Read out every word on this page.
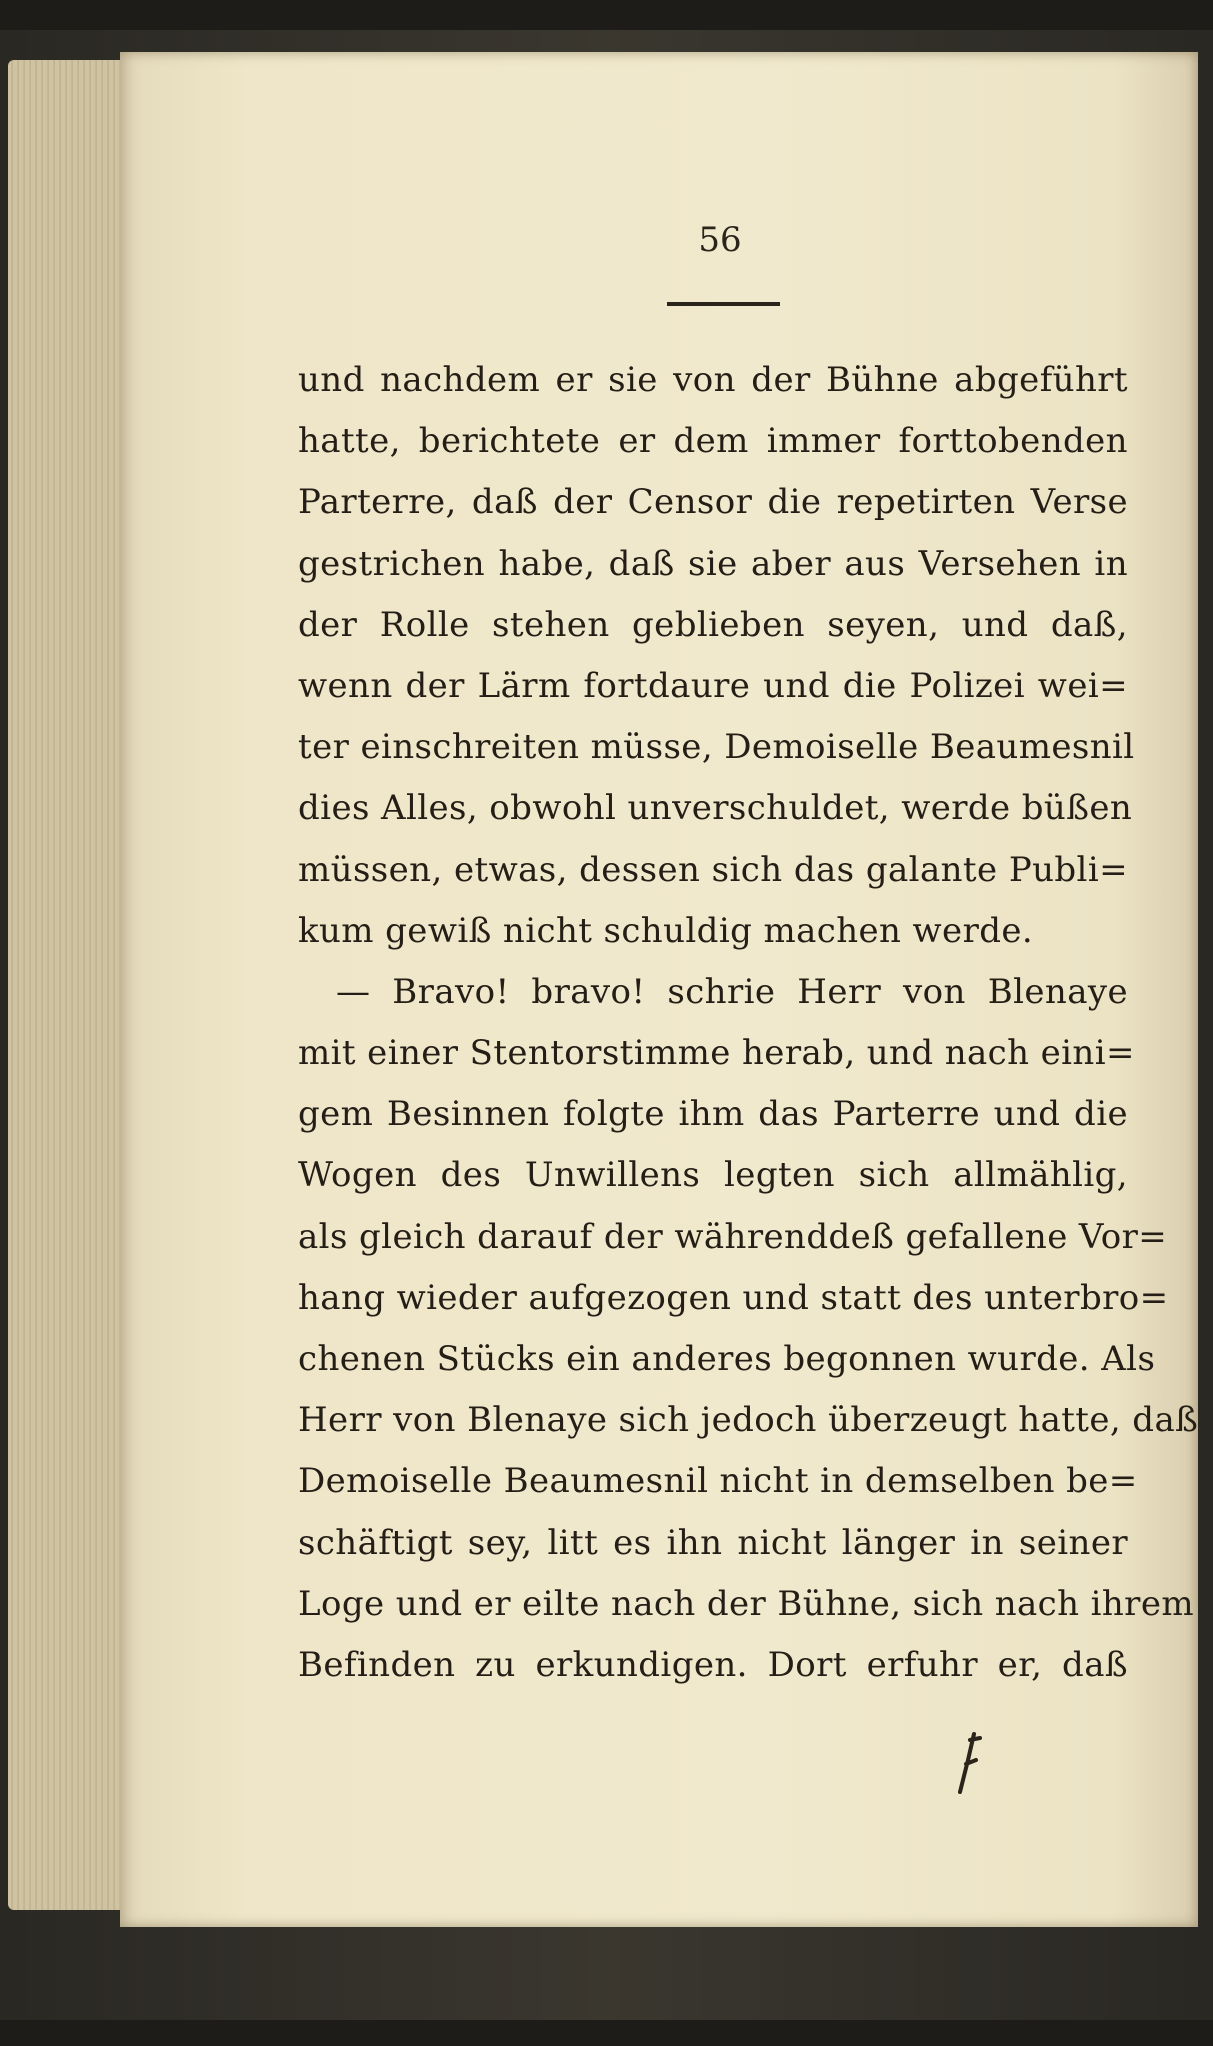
56
und nachdem er sie von der Bühne abgeführt
hatte, berichtete er dem immer forttobenden
Parterre, daß der Censor die repetirten Verse
gestrichen habe, daß sie aber aus Versehen in
der Rolle stehen geblieben seyen, und daß,
wenn der Lärm fortdaure und die Polizei wei=
ter einschreiten müsse, Demoiselle Beaumesnil
dies Alles, obwohl unverschuldet, werde büßen
müssen, etwas, dessen sich das galante Publi=
kum gewiß nicht schuldig machen werde.
— Bravo! bravo! schrie Herr von Blenaye
mit einer Stentorstimme herab, und nach eini=
gem Besinnen folgte ihm das Parterre und die
Wogen des Unwillens legten sich allmählig,
als gleich darauf der währenddeß gefallene Vor=
hang wieder aufgezogen und statt des unterbro=
chenen Stücks ein anderes begonnen wurde. Als
Herr von Blenaye sich jedoch überzeugt hatte, daß
Demoiselle Beaumesnil nicht in demselben be=
schäftigt sey, litt es ihn nicht länger in seiner
Loge und er eilte nach der Bühne, sich nach ihrem
Befinden zu erkundigen. Dort erfuhr er, daß
